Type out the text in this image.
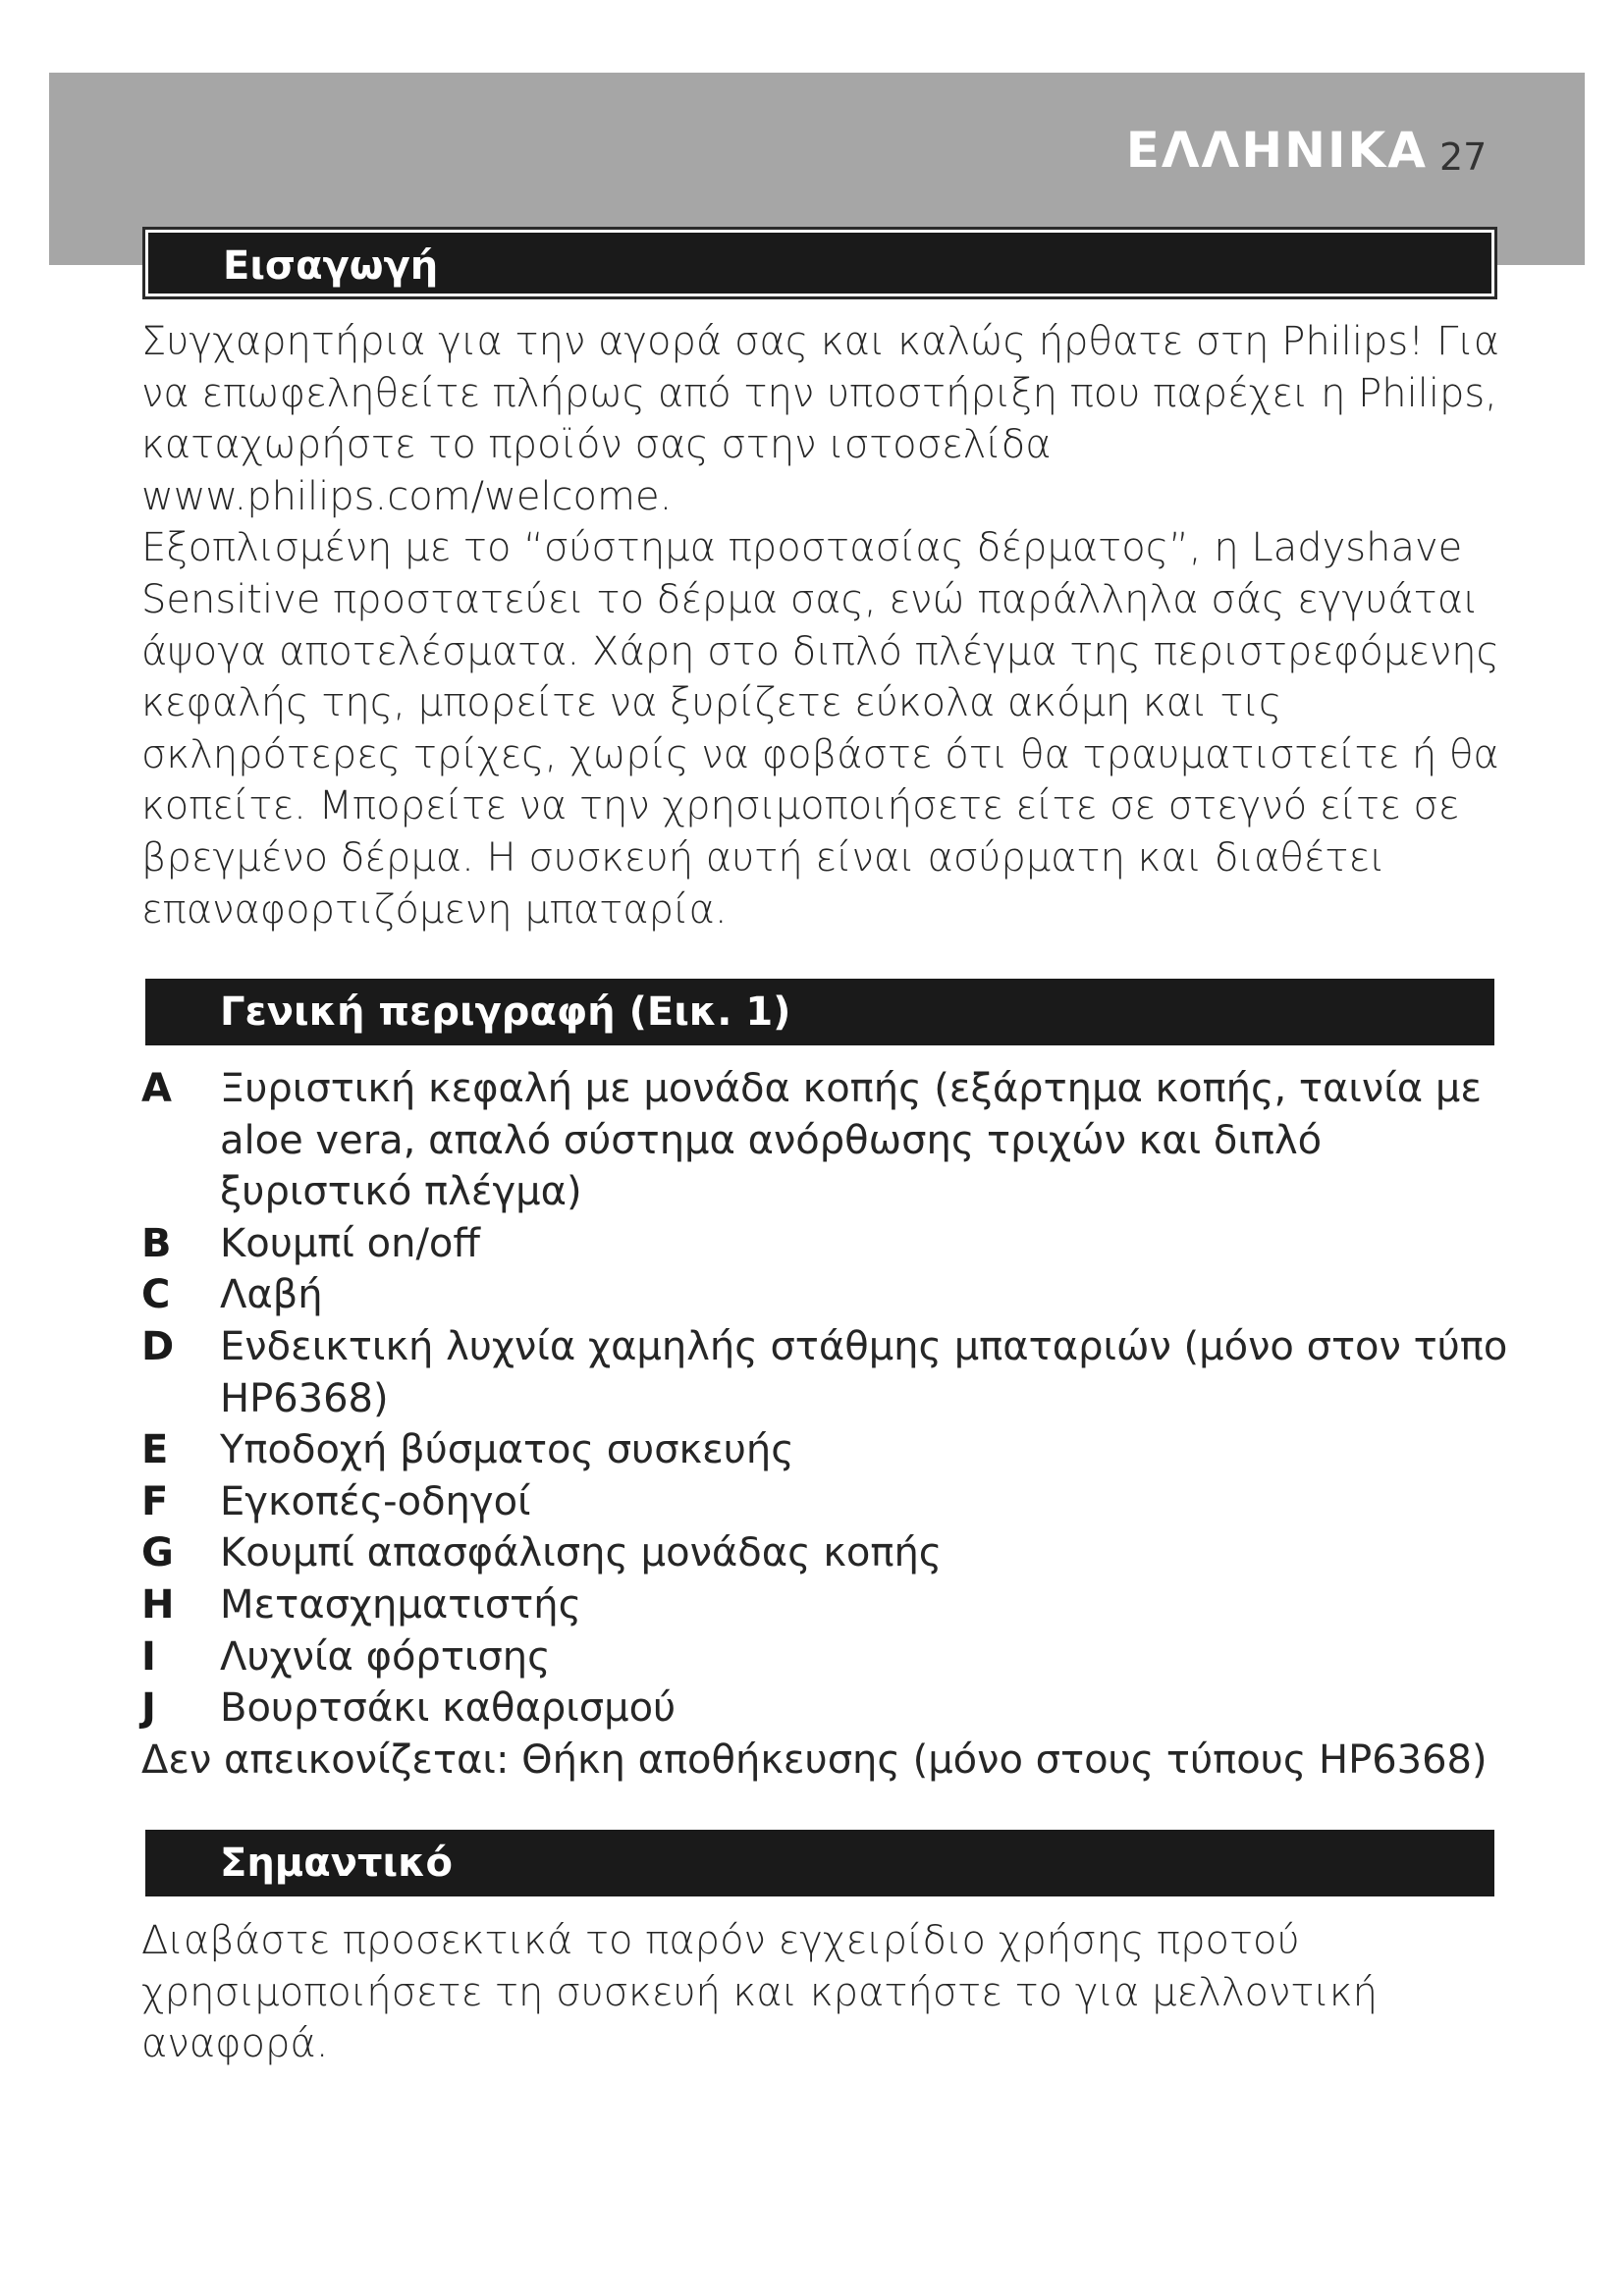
ΕΛΛΗΝΙΚΑ 27
Εισαγωγή

Συγχαρητήρια για την αγορά σας και καλώς ήρθατε στη Philips! Για να επωφεληθείτε πλήρως από την υποστήριξη που παρέχει η Philips, καταχωρήστε το προϊόν σας στην ιστοσελίδα www.philips.com/welcome.

Εξοπλισμένη με το “σύστημα προστασίας δέρματος”, η Ladyshave Sensitive προστατεύει το δέρμα σας, ενώ παράλληλα σάς εγγυάται άψογα αποτελέσματα. Χάρη στο διπλό πλέγμα της περιστρεφόμενης κεφαλής της, μπορείτε να ξυρίζετε εύκολα ακόμη και τις σκληρότερες τρίχες, χωρίς να φοβάστε ότι θα τραυματιστείτε ή θα κοπείτε. Μπορείτε να την χρησιμοποιήσετε είτε σε στεγνό είτε σε βρεγμένο δέρμα. Η συσκευή αυτή είναι ασύρματη και διαθέτει επαναφορτιζόμενη μπαταρία.

Γενική περιγραφή (Εικ. 1)
A Ξυριστική κεφαλή με μονάδα κοπής (εξάρτημα κοπής, ταινία με aloe vera, απαλό σύστημα ανόρθωσης τριχών και διπλό ξυριστικό πλέγμα)
B Κουμπί on/off
C Λαβή
D Ενδεικτική λυχνία χαμηλής στάθμης μπαταριών (μόνο στον τύπο HP6368)
E Υποδοχή βύσματος συσκευής
F Εγκοπές-οδηγοί
G Κουμπί απασφάλισης μονάδας κοπής
H Μετασχηματιστής
I Λυχνία φόρτισης
J Βουρτσάκι καθαρισμού
Δεν απεικονίζεται: Θήκη αποθήκευσης (μόνο στους τύπους HP6368)
Σημαντικό

Διαβάστε προσεκτικά το παρόν εγχειρίδιο χρήσης προτού χρησιμοποιήσετε τη συσκευή και κρατήστε το για μελλοντική αναφορά.
